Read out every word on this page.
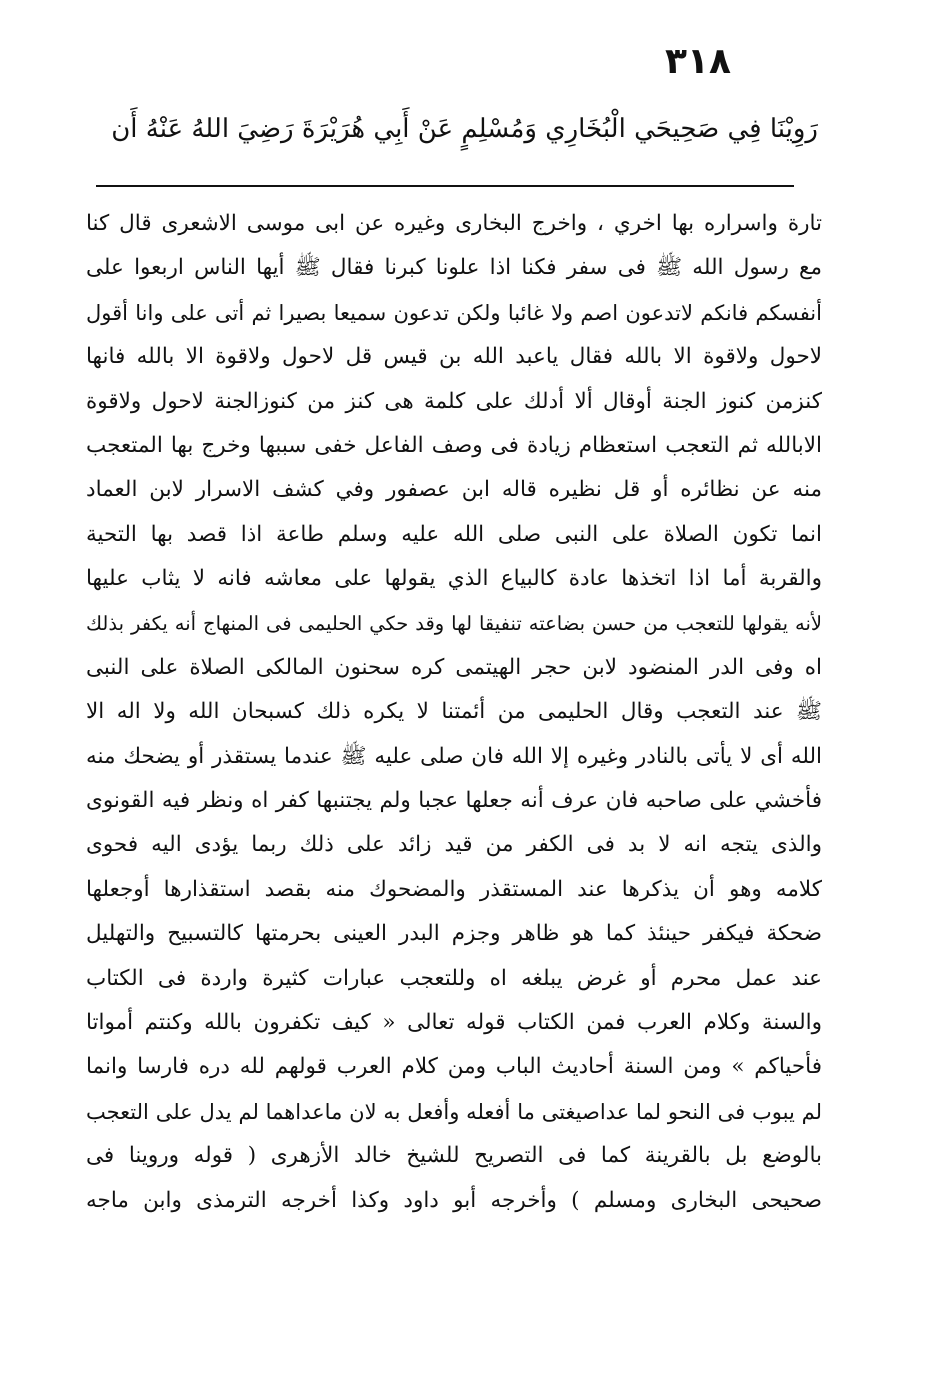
٣١٨
رَوِيْنَا فِي صَحِيحَي الْبُخَارِي وَمُسْلِمٍ عَنْ أَبِي هُرَيْرَةَ رَضِيَ اللهُ عَنْهُ أَن
تارة واسراره بها اخري ، واخرج البخارى وغيره عن ابى موسى الاشعرى قال كنا
مع رسول الله ﷺ فى سفر فكنا اذا علونا كبرنا فقال ﷺ أيها الناس اربعوا على
أنفسكم فانكم لاتدعون اصم ولا غائبا ولكن تدعون سميعا بصيرا ثم أتى على وانا أقول
لاحول ولاقوة الا بالله فقال ياعبد الله بن قيس قل لاحول ولاقوة الا بالله فانها
كنزمن كنوز الجنة أوقال ألا أدلك على كلمة هى كنز من كنوزالجنة لاحول ولاقوة
الابالله ثم التعجب استعظام زيادة فى وصف الفاعل خفى سببها وخرج بها المتعجب
منه عن نظائره أو قل نظيره قاله ابن عصفور وفي كشف الاسرار لابن العماد
انما تكون الصلاة على النبى صلى الله عليه وسلم طاعة اذا قصد بها التحية
والقربة أما اذا اتخذها عادة كالبياع الذي يقولها على معاشه فانه لا يثاب عليها
لأنه يقولها للتعجب من حسن بضاعته تنفيقا لها وقد حكي الحليمى فى المنهاج أنه يكفر بذلك
اه وفى الدر المنضود لابن حجر الهيتمى كره سحنون المالكى الصلاة على النبى
ﷺ عند التعجب وقال الحليمى من أئمتنا لا يكره ذلك كسبحان الله ولا اله الا
الله أى لا يأتى بالنادر وغيره إلا الله فان صلى عليه ﷺ عندما يستقذر أو يضحك منه
فأخشي على صاحبه فان عرف أنه جعلها عجبا ولم يجتنبها كفر اه ونظر فيه القونوى
والذى يتجه انه لا بد فى الكفر من قيد زائد على ذلك ربما يؤدى اليه فحوى
كلامه وهو أن يذكرها عند المستقذر والمضحوك منه بقصد استقذارها أوجعلها
ضحكة فيكفر حينئذ كما هو ظاهر وجزم البدر العينى بحرمتها كالتسبيح والتهليل
عند عمل محرم أو غرض يبلغه اه وللتعجب عبارات كثيرة واردة فى الكتاب
والسنة وكلام العرب فمن الكتاب قوله تعالى « كيف تكفرون بالله وكنتم أمواتا
فأحياكم » ومن السنة أحاديث الباب ومن كلام العرب قولهم لله دره فارسا وانما
لم يبوب فى النحو لما عداصيغتى ما أفعله وأفعل به لان ماعداهما لم يدل على التعجب
بالوضع بل بالقرينة كما فى التصريح للشيخ خالد الأزهرى ( قوله وروينا فى
صحيحى البخارى ومسلم ) وأخرجه أبو داود وكذا أخرجه الترمذى وابن ماجه
